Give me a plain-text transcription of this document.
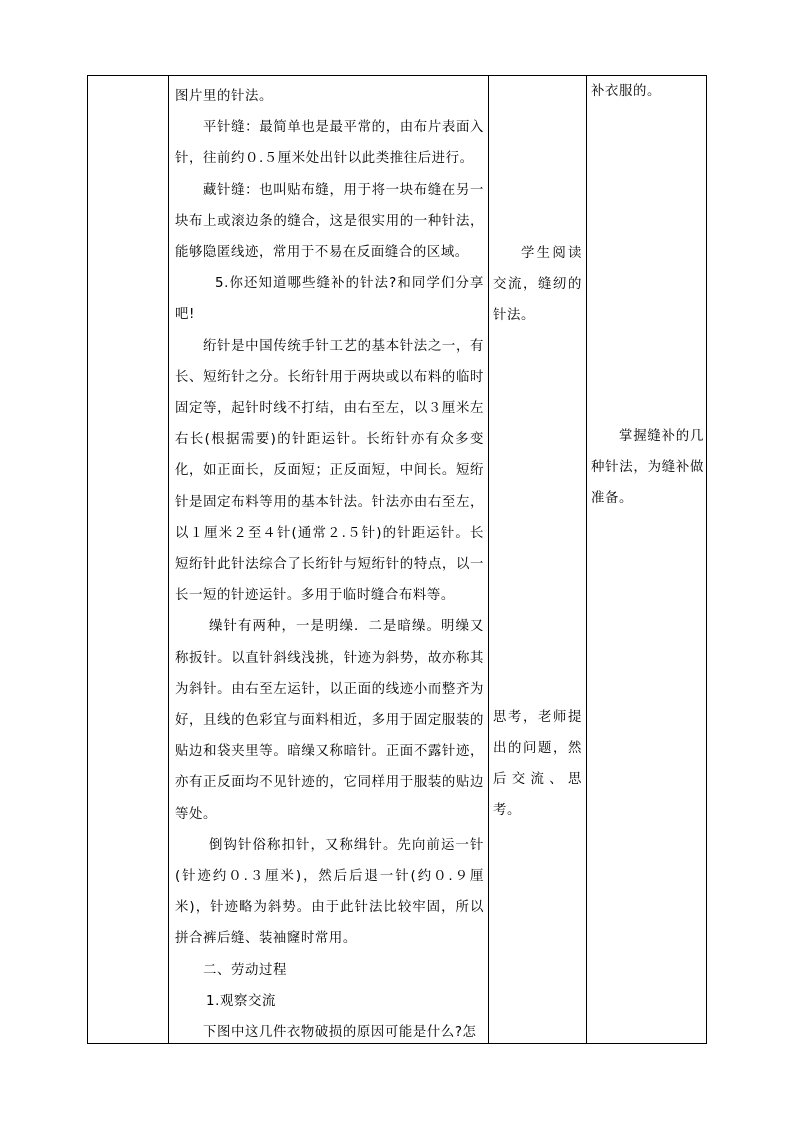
图片里的针法。

平针缝：最简单也是最平常的，由布片表面入针，往前约０.５厘米处出针以此类推往后进行。

藏针缝：也叫贴布缝，用于将一块布缝在另一块布上或滚边条的缝合，这是很实用的一种针法，能够隐匿线迹，常用于不易在反面缝合的区域。

5.你还知道哪些缝补的针法?和同学们分享吧!

绗针是中国传统手针工艺的基本针法之一，有长、短绗针之分。长绗针用于两块或以布料的临时固定等，起针时线不打结，由右至左，以３厘米左右长(根据需要)的针距运针。长绗针亦有众多变化，如正面长，反面短；正反面短，中间长。短绗针是固定布料等用的基本针法。针法亦由右至左，以１厘米２至４针(通常２.５针)的针距运针。长短绗针此针法综合了长绗针与短绗针的特点，以一长一短的针迹运针。多用于临时缝合布料等。

缲针有两种，一是明缲．二是暗缲。明缲又称扳针。以直针斜线浅挑，针迹为斜势，故亦称其为斜针。由右至左运针，以正面的线迹小而整齐为好，且线的色彩宜与面料相近，多用于固定服装的贴边和袋夹里等。暗缲又称暗针。正面不露针迹，亦有正反面均不见针迹的，它同样用于服装的贴边等处。

倒钩针俗称扣针，又称缉针。先向前运一针(针迹约０.３厘米)，然后后退一针(约０.９厘米)，针迹略为斜势。由于此针法比较牢固，所以拼合裤后缝、装袖窿时常用。

二、劳动过程

1.观察交流

下图中这几件衣物破损的原因可能是什么?怎

学生阅读交流，缝纫的针法。

思考，老师提出的问题，然后交流、思考。

补衣服的。

掌握缝补的几种针法，为缝补做准备。
